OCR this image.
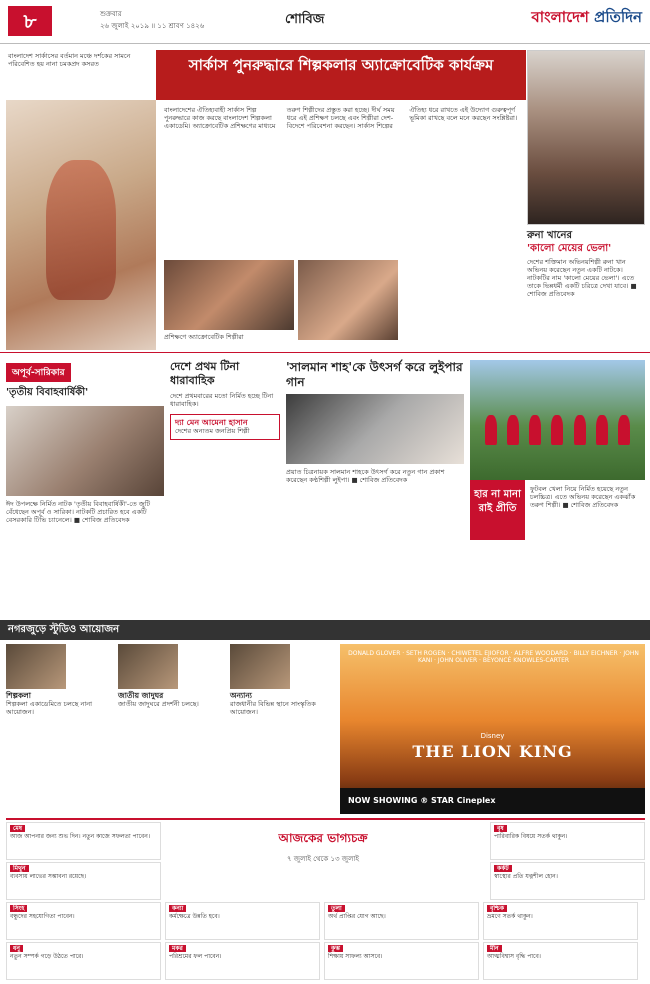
৮	শুক্রবার
২৬ জুলাই ২০১৯ ॥ ১১ শ্রাবণ ১৪২৬	শোবিজ	বাংলাদেশ প্রতিদিন
সার্কাস পুনরুদ্ধারে শিল্পকলার অ্যাক্রোবেটিক কার্যক্রম
বাংলাদেশ সার্কাসের বর্তমান মঞ্চে দর্শকের সামনে পরিবেশিত হয় নানা চমকপ্রদ কসরত
বাংলাদেশের ঐতিহ্যবাহী সার্কাস শিল্প পুনরুদ্ধারে কাজ করছে বাংলাদেশ শিল্পকলা একাডেমি। অ্যাক্রোবেটিক প্রশিক্ষণের মাধ্যমে তরুণ শিল্পীদের প্রস্তুত করা হচ্ছে। দীর্ঘ সময় ধরে এই প্রশিক্ষণ চলছে এবং শিল্পীরা দেশ-বিদেশে পরিবেশনা করছেন। সার্কাস শিল্পের ঐতিহ্য ধরে রাখতে এই উদ্যোগ গুরুত্বপূর্ণ ভূমিকা রাখছে বলে মনে করছেন সংশ্লিষ্টরা।
প্রশিক্ষণে অ্যাক্রোবেটিক শিল্পীরা
রুনা খানের
'কালো মেয়ের ভেলা'
দেশের শক্তিমান অভিনয়শিল্পী রুনা খান অভিনয় করেছেন নতুন একটি নাটকে। নাটকটির নাম 'কালো মেয়ের ভেলা'। এতে তাকে ভিন্নধর্মী একটি চরিত্রে দেখা যাবে। ■ শোবিজ প্রতিবেদক
অপূর্ব-সারিকার
'তৃতীয় বিবাহবার্ষিকী'
ঈদ উপলক্ষে নির্মিত নাটক 'তৃতীয় বিবাহবার্ষিকী'-তে জুটি বেঁধেছেন অপূর্ব ও সারিকা। নাটকটি প্রচারিত হবে একটি বেসরকারি টিভি চ্যানেলে। ■ শোবিজ প্রতিবেদক
দেশে প্রথম টিনা ধারাবাহিক
দেশে প্রথমবারের মতো নির্মিত হচ্ছে টিনা ধারাবাহিক।
দ্যা মেন আমেনা হাসান
দেশের অন্যতম জনপ্রিয় শিল্পী
'সালমান শাহ'কে উৎসর্গ করে লুইপার গান
প্রয়াত চিত্রনায়ক সালমান শাহকে উৎসর্গ করে নতুন গান প্রকাশ করেছেন কণ্ঠশিল্পী লুইপা। ■ শোবিজ প্রতিবেদক
হার না মানা রাই প্রীতি
ফুটবল খেলা নিয়ে নির্মিত হয়েছে নতুন চলচ্চিত্র। এতে অভিনয় করেছেন একঝাঁক তরুণ শিল্পী। ■ শোবিজ প্রতিবেদক
নগরজুড়ে স্টুডিও আয়োজন
শিল্পকলা
শিল্পকলা একাডেমিতে চলছে নানা আয়োজন।
জাতীয় জাদুঘর
জাতীয় জাদুঘরে প্রদর্শনী চলছে।
অন্যান্য
রাজধানীর বিভিন্ন স্থানে সাংস্কৃতিক আয়োজন।
DONALD GLOVER · SETH ROGEN · CHIWETEL EJIOFOR · ALFRE WOODARD · BILLY EICHNER · JOHN KANI · JOHN OLIVER · BEYONCÉ KNOWLES-CARTER
Disney
THE LION KING
NOW SHOWING ® STAR Cineplex
আজকের ভাগ্যচক্র
৭ জুলাই থেকে ১৩ জুলাই
মেষ
আজ আপনার জন্য শুভ দিন। নতুন কাজে সফলতা পাবেন।
বৃষ
পারিবারিক বিষয়ে সতর্ক থাকুন।
মিথুন
ব্যবসায় লাভের সম্ভাবনা রয়েছে।
কর্কট
স্বাস্থ্যের প্রতি যত্নশীল হোন।
সিংহ
বন্ধুদের সহযোগিতা পাবেন।
কন্যা
কর্মক্ষেত্রে উন্নতি হবে।
তুলা
অর্থ প্রাপ্তির যোগ আছে।
বৃশ্চিক
ভ্রমণে সতর্ক থাকুন।
ধনু
নতুন সম্পর্ক গড়ে উঠতে পারে।
মকর
পরিশ্রমের ফল পাবেন।
কুম্ভ
শিক্ষায় সাফল্য আসবে।
মীন
আত্মবিশ্বাস বৃদ্ধি পাবে।
